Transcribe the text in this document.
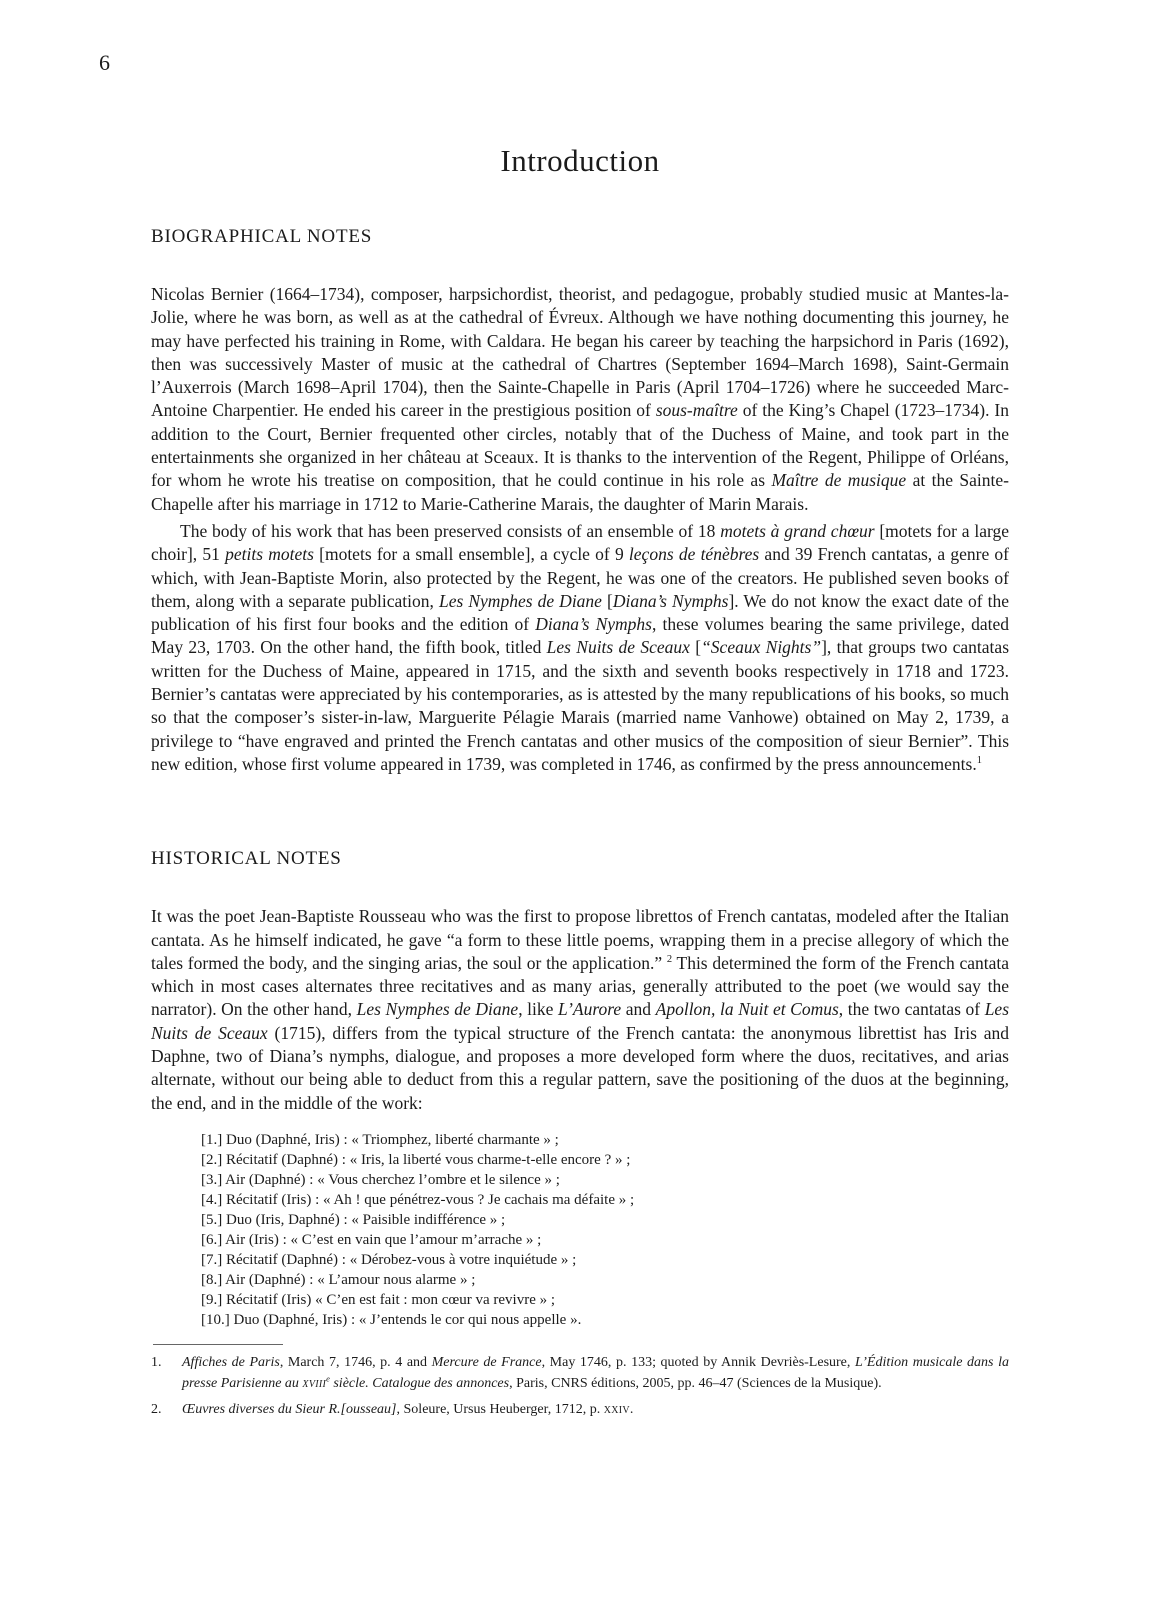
6
Introduction
BIOGRAPHICAL NOTES

Nicolas Bernier (1664–1734), composer, harpsichordist, theorist, and pedagogue, probably studied music at Mantes-la-Jolie, where he was born, as well as at the cathedral of Évreux. Although we have nothing documenting this journey, he may have perfected his training in Rome, with Caldara. He began his career by teaching the harpsichord in Paris (1692), then was successively Master of music at the cathedral of Chartres (September 1694–March 1698), Saint-Germain l’Auxerrois (March 1698–April 1704), then the Sainte-Chapelle in Paris (April 1704–1726) where he succeeded Marc-Antoine Charpentier. He ended his career in the prestigious position of sous-maître of the King’s Chapel (1723–1734). In addition to the Court, Bernier frequented other circles, notably that of the Duchess of Maine, and took part in the entertainments she organized in her château at Sceaux. It is thanks to the intervention of the Regent, Philippe of Orléans, for whom he wrote his treatise on composition, that he could continue in his role as Maître de musique at the Sainte-Chapelle after his marriage in 1712 to Marie-Catherine Marais, the daughter of Marin Marais.

The body of his work that has been preserved consists of an ensemble of 18 motets à grand chœur [motets for a large choir], 51 petits motets [motets for a small ensemble], a cycle of 9 leçons de ténèbres and 39 French cantatas, a genre of which, with Jean-Baptiste Morin, also protected by the Regent, he was one of the creators. He published seven books of them, along with a separate publication, Les Nymphes de Diane [Diana’s Nymphs]. We do not know the exact date of the publication of his first four books and the edition of Diana’s Nymphs, these volumes bearing the same privilege, dated May 23, 1703. On the other hand, the fifth book, titled Les Nuits de Sceaux [“Sceaux Nights”], that groups two cantatas written for the Duchess of Maine, appeared in 1715, and the sixth and seventh books respectively in 1718 and 1723. Bernier’s cantatas were appreciated by his contemporaries, as is attested by the many republications of his books, so much so that the composer’s sister-in-law, Marguerite Pélagie Marais (married name Vanhowe) obtained on May 2, 1739, a privilege to “have engraved and printed the French cantatas and other musics of the composition of sieur Bernier”. This new edition, whose first volume appeared in 1739, was completed in 1746, as confirmed by the press announcements.$^1$

HISTORICAL NOTES

It was the poet Jean-Baptiste Rousseau who was the first to propose librettos of French cantatas, modeled after the Italian cantata. As he himself indicated, he gave “a form to these little poems, wrapping them in a precise allegory of which the tales formed the body, and the singing arias, the soul or the application.” $^2$ This determined the form of the French cantata which in most cases alternates three recitatives and as many arias, generally attributed to the poet (we would say the narrator). On the other hand, Les Nymphes de Diane, like L’Aurore and Apollon, la Nuit et Comus, the two cantatas of Les Nuits de Sceaux (1715), differs from the typical structure of the French cantata: the anonymous librettist has Iris and Daphne, two of Diana’s nymphs, dialogue, and proposes a more developed form where the duos, recitatives, and arias alternate, without our being able to deduct from this a regular pattern, save the positioning of the duos at the beginning, the end, and in the middle of the work:

[1.] Duo (Daphné, Iris) : « Triomphez, liberté charmante » ;
[2.] Récitatif (Daphné) : « Iris, la liberté vous charme-t-elle encore ? » ;
[3.] Air (Daphné) : « Vous cherchez l’ombre et le silence » ;
[4.] Récitatif (Iris) : « Ah ! que pénétrez-vous ? Je cachais ma défaite » ;
[5.] Duo (Iris, Daphné) : « Paisible indifférence » ;
[6.] Air (Iris) : « C’est en vain que l’amour m’arrache » ;
[7.] Récitatif (Daphné) : « Dérobez-vous à votre inquiétude » ;
[8.] Air (Daphné) : « L’amour nous alarme » ;
[9.] Récitatif (Iris) « C’en est fait : mon cœur va revivre » ;
[10.] Duo (Daphné, Iris) : « J’entends le cor qui nous appelle ».
1.	Affiches de Paris, March 7, 1746, p. 4 and Mercure de France, May 1746, p. 133; quoted by Annik Devriès-Lesure, L’Édition musicale dans la presse Parisienne au xviii$^e$ siècle. Catalogue des annonces, Paris, CNRS éditions, 2005, pp. 46–47 (Sciences de la Musique).
2.	Œuvres diverses du Sieur R.[ousseau], Soleure, Ursus Heuberger, 1712, p. xxiv.
